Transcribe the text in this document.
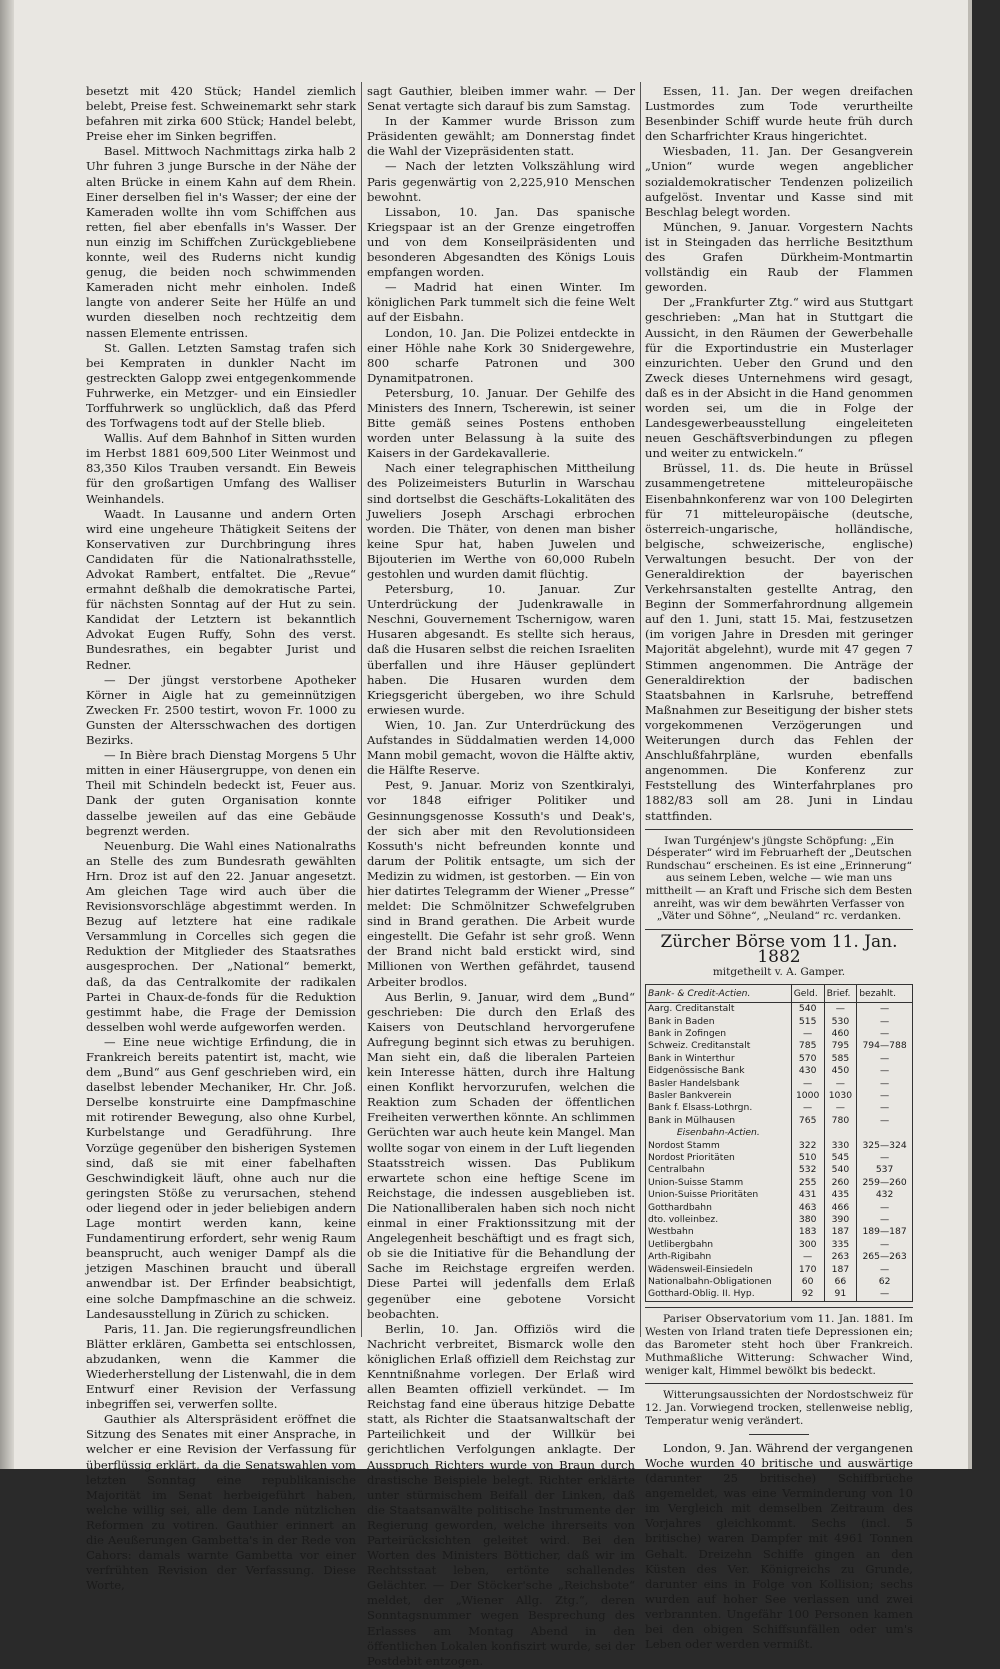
besetzt mit 420 Stück; Handel ziemlich belebt, Preise fest. Schweinemarkt sehr stark befahren mit zirka 600 Stück; Handel belebt, Preise eher im Sinken begriffen.

Basel. Mittwoch Nachmittags zirka halb 2 Uhr fuhren 3 junge Bursche in der Nähe der alten Brücke in einem Kahn auf dem Rhein. Einer derselben fiel in's Wasser; der eine der Kameraden wollte ihn vom Schiffchen aus retten, fiel aber ebenfalls in's Wasser. Der nun einzig im Schiffchen Zurückgebliebene konnte, weil des Ruderns nicht kundig genug, die beiden noch schwimmenden Kameraden nicht mehr einholen. Indeß langte von anderer Seite her Hülfe an und wurden dieselben noch rechtzeitig dem nassen Elemente entrissen.

St. Gallen. Letzten Samstag trafen sich bei Kempraten in dunkler Nacht im gestreckten Galopp zwei entgegenkommende Fuhrwerke, ein Metzger- und ein Einsiedler Torffuhrwerk so unglücklich, daß das Pferd des Torfwagens todt auf der Stelle blieb.

Wallis. Auf dem Bahnhof in Sitten wurden im Herbst 1881 609,500 Liter Weinmost und 83,350 Kilos Trauben versandt. Ein Beweis für den großartigen Umfang des Walliser Weinhandels.

Waadt. In Lausanne und andern Orten wird eine ungeheure Thätigkeit Seitens der Konservativen zur Durchbringung ihres Candidaten für die Nationalrathsstelle, Advokat Rambert, entfaltet. Die „Revue“ ermahnt deßhalb die demokratische Partei, für nächsten Sonntag auf der Hut zu sein. Kandidat der Letztern ist bekanntlich Advokat Eugen Ruffy, Sohn des verst. Bundesrathes, ein begabter Jurist und Redner.

— Der jüngst verstorbene Apotheker Körner in Aigle hat zu gemeinnützigen Zwecken Fr. 2500 testirt, wovon Fr. 1000 zu Gunsten der Altersschwachen des dortigen Bezirks.

— In Bière brach Dienstag Morgens 5 Uhr mitten in einer Häusergruppe, von denen ein Theil mit Schindeln bedeckt ist, Feuer aus. Dank der guten Organisation konnte dasselbe jeweilen auf das eine Gebäude begrenzt werden.

Neuenburg. Die Wahl eines Nationalraths an Stelle des zum Bundesrath gewählten Hrn. Droz ist auf den 22. Januar angesetzt. Am gleichen Tage wird auch über die Revisionsvorschläge abgestimmt werden. In Bezug auf letztere hat eine radikale Versammlung in Corcelles sich gegen die Reduktion der Mitglieder des Staatsrathes ausgesprochen. Der „National“ bemerkt, daß, da das Centralkomite der radikalen Partei in Chaux-de-fonds für die Reduktion gestimmt habe, die Frage der Demission desselben wohl werde aufgeworfen werden.

— Eine neue wichtige Erfindung, die in Frankreich bereits patentirt ist, macht, wie dem „Bund“ aus Genf geschrieben wird, ein daselbst lebender Mechaniker, Hr. Chr. Joß. Derselbe konstruirte eine Dampfmaschine mit rotirender Bewegung, also ohne Kurbel, Kurbelstange und Geradführung. Ihre Vorzüge gegenüber den bisherigen Systemen sind, daß sie mit einer fabelhaften Geschwindigkeit läuft, ohne auch nur die geringsten Stöße zu verursachen, stehend oder liegend oder in jeder beliebigen andern Lage montirt werden kann, keine Fundamentirung erfordert, sehr wenig Raum beansprucht, auch weniger Dampf als die jetzigen Maschinen braucht und überall anwendbar ist. Der Erfinder beabsichtigt, eine solche Dampfmaschine an die schweiz. Landesausstellung in Zürich zu schicken.

Paris, 11. Jan. Die regierungsfreundlichen Blätter erklären, Gambetta sei entschlossen, abzudanken, wenn die Kammer die Wiederherstellung der Listenwahl, die in dem Entwurf einer Revision der Verfassung inbegriffen sei, verwerfen sollte.

Gauthier als Alterspräsident eröffnet die Sitzung des Senates mit einer Ansprache, in welcher er eine Revision der Verfassung für überflüssig erklärt, da die Senatswahlen vom letzten Sonntag eine republikanische Majorität im Senat herbeigeführt haben, welche willig sei, alle dem Lande nützlichen Reformen zu votiren. Gauthier erinnert an die Aeußerungen Gambetta's in der Rede von Cahors: damals warnte Gambetta vor einer verfrühten Revision der Verfassung. Diese Worte,

sagt Gauthier, bleiben immer wahr. — Der Senat vertagte sich darauf bis zum Samstag.

In der Kammer wurde Brisson zum Präsidenten gewählt; am Donnerstag findet die Wahl der Vizepräsidenten statt.

— Nach der letzten Volkszählung wird Paris gegenwärtig von 2,225,910 Menschen bewohnt.

Lissabon, 10. Jan. Das spanische Kriegspaar ist an der Grenze eingetroffen und von dem Konseilpräsidenten und besonderen Abgesandten des Königs Louis empfangen worden.

— Madrid hat einen Winter. Im königlichen Park tummelt sich die feine Welt auf der Eisbahn.

London, 10. Jan. Die Polizei entdeckte in einer Höhle nahe Kork 30 Snidergewehre, 800 scharfe Patronen und 300 Dynamitpatronen.

Petersburg, 10. Januar. Der Gehilfe des Ministers des Innern, Tscherewin, ist seiner Bitte gemäß seines Postens enthoben worden unter Belassung à la suite des Kaisers in der Gardekavallerie.

Nach einer telegraphischen Mittheilung des Polizeimeisters Buturlin in Warschau sind dortselbst die Geschäfts-Lokalitäten des Juweliers Joseph Arschagi erbrochen worden. Die Thäter, von denen man bisher keine Spur hat, haben Juwelen und Bijouterien im Werthe von 60,000 Rubeln gestohlen und wurden damit flüchtig.

Petersburg, 10. Januar. Zur Unterdrückung der Judenkrawalle in Neschni, Gouvernement Tschernigow, waren Husaren abgesandt. Es stellte sich heraus, daß die Husaren selbst die reichen Israeliten überfallen und ihre Häuser geplündert haben. Die Husaren wurden dem Kriegsgericht übergeben, wo ihre Schuld erwiesen wurde.

Wien, 10. Jan. Zur Unterdrückung des Aufstandes in Süddalmatien werden 14,000 Mann mobil gemacht, wovon die Hälfte aktiv, die Hälfte Reserve.

Pest, 9. Januar. Moriz von Szentkiralyi, vor 1848 eifriger Politiker und Gesinnungsgenosse Kossuth's und Deak's, der sich aber mit den Revolutionsideen Kossuth's nicht befreunden konnte und darum der Politik entsagte, um sich der Medizin zu widmen, ist gestorben. — Ein von hier datirtes Telegramm der Wiener „Presse“ meldet: Die Schmölnitzer Schwefelgruben sind in Brand gerathen. Die Arbeit wurde eingestellt. Die Gefahr ist sehr groß. Wenn der Brand nicht bald erstickt wird, sind Millionen von Werthen gefährdet, tausend Arbeiter brodlos.

Aus Berlin, 9. Januar, wird dem „Bund“ geschrieben: Die durch den Erlaß des Kaisers von Deutschland hervorgerufene Aufregung beginnt sich etwas zu beruhigen. Man sieht ein, daß die liberalen Parteien kein Interesse hätten, durch ihre Haltung einen Konflikt hervorzurufen, welchen die Reaktion zum Schaden der öffentlichen Freiheiten verwerthen könnte. An schlimmen Gerüchten war auch heute kein Mangel. Man wollte sogar von einem in der Luft liegenden Staatsstreich wissen. Das Publikum erwartete schon eine heftige Scene im Reichstage, die indessen ausgeblieben ist. Die Nationalliberalen haben sich noch nicht einmal in einer Fraktionssitzung mit der Angelegenheit beschäftigt und es fragt sich, ob sie die Initiative für die Behandlung der Sache im Reichstage ergreifen werden. Diese Partei will jedenfalls dem Erlaß gegenüber eine gebotene Vorsicht beobachten.

Berlin, 10. Jan. Offiziös wird die Nachricht verbreitet, Bismarck wolle den königlichen Erlaß offiziell dem Reichstag zur Kenntnißnahme vorlegen. Der Erlaß wird allen Beamten offiziell verkündet. — Im Reichstag fand eine überaus hitzige Debatte statt, als Richter die Staatsanwaltschaft der Parteilichkeit und der Willkür bei gerichtlichen Verfolgungen anklagte. Der Ausspruch Richters wurde von Braun durch drastische Beispiele belegt. Richter erklärte unter stürmischem Beifall der Linken, daß die Staatsanwälte politische Instrumente der Regierung geworden, welche ihrerseits von Parteirücksichten geleitet wird. Bei den Worten des Ministers Bötticher, daß wir im Rechtsstaat leben, ertönte schallendes Gelächter. — Der Stöcker'sche „Reichsbote“ meldet, der „Wiener Allg. Ztg.“, deren Sonntagsnummer wegen Besprechung des Erlasses am Montag Abend in den öffentlichen Lokalen konfiszirt wurde, sei der Postdebit entzogen.

Essen, 11. Jan. Der wegen dreifachen Lustmordes zum Tode verurtheilte Besenbinder Schiff wurde heute früh durch den Scharfrichter Kraus hingerichtet.

Wiesbaden, 11. Jan. Der Gesangverein „Union“ wurde wegen angeblicher sozialdemokratischer Tendenzen polizeilich aufgelöst. Inventar und Kasse sind mit Beschlag belegt worden.

München, 9. Januar. Vorgestern Nachts ist in Steingaden das herrliche Besitzthum des Grafen Dürkheim-Montmartin vollständig ein Raub der Flammen geworden.

Der „Frankfurter Ztg.“ wird aus Stuttgart geschrieben: „Man hat in Stuttgart die Aussicht, in den Räumen der Gewerbehalle für die Exportindustrie ein Musterlager einzurichten. Ueber den Grund und den Zweck dieses Unternehmens wird gesagt, daß es in der Absicht in die Hand genommen worden sei, um die in Folge der Landesgewerbeausstellung eingeleiteten neuen Geschäftsverbindungen zu pflegen und weiter zu entwickeln.“

Brüssel, 11. ds. Die heute in Brüssel zusammengetretene mitteleuropäische Eisenbahnkonferenz war von 100 Delegirten für 71 mitteleuropäische (deutsche, österreich-ungarische, holländische, belgische, schweizerische, englische) Verwaltungen besucht. Der von der Generaldirektion der bayerischen Verkehrsanstalten gestellte Antrag, den Beginn der Sommerfahrordnung allgemein auf den 1. Juni, statt 15. Mai, festzusetzen (im vorigen Jahre in Dresden mit geringer Majorität abgelehnt), wurde mit 47 gegen 7 Stimmen angenommen. Die Anträge der Generaldirektion der badischen Staatsbahnen in Karlsruhe, betreffend Maßnahmen zur Beseitigung der bisher stets vorgekommenen Verzögerungen und Weiterungen durch das Fehlen der Anschlußfahrpläne, wurden ebenfalls angenommen. Die Konferenz zur Feststellung des Winterfahrplanes pro 1882/83 soll am 28. Juni in Lindau stattfinden.

Iwan Turgénjew's jüngste Schöpfung: „Ein Désperater“ wird im Februarheft der „Deutschen Rundschau“ erscheinen. Es ist eine „Erinnerung“ aus seinem Leben, welche — wie man uns mittheilt — an Kraft und Frische sich dem Besten anreiht, was wir dem bewährten Verfasser von „Väter und Söhne“, „Neuland“ rc. verdanken.
Zürcher Börse vom 11. Jan. 1882
mitgetheilt v. A. Gamper.
Bank- & Credit-Actien.	Geld.	Brief.	bezahlt.
Aarg. Creditanstalt	540	—	—
Bank in Baden	515	530	—
Bank in Zofingen	—	460	—
Schweiz. Creditanstalt	785	795	794—788
Bank in Winterthur	570	585	—
Eidgenössische Bank	430	450	—
Basler Handelsbank	—	—	—
Basler Bankverein	1000	1030	—
Bank f. Elsass-Lothrgn.	—	—	—
Bank in Mülhausen	765	780	—
Eisenbahn-Actien.			
Nordost Stamm	322	330	325—324
Nordost Prioritäten	510	545	—
Centralbahn	532	540	537
Union-Suisse Stamm	255	260	259—260
Union-Suisse Prioritäten	431	435	432
Gotthardbahn	463	466	—
dto. volleinbez.	380	390	—
Westbahn	183	187	189—187
Uetlibergbahn	300	335	—
Arth-Rigibahn	—	263	265—263
Wädensweil-Einsiedeln	170	187	—
Nationalbahn-Obligationen	60	66	62
Gotthard-Oblig. II. Hyp.	92	91	—

Pariser Observatorium vom 11. Jan. 1881. Im Westen von Irland traten tiefe Depressionen ein; das Barometer steht hoch über Frankreich. Muthmaßliche Witterung: Schwacher Wind, weniger kalt, Himmel bewölkt bis bedeckt.

Witterungsaussichten der Nordostschweiz für 12. Jan. Vorwiegend trocken, stellenweise neblig, Temperatur wenig verändert.

London, 9. Jan. Während der vergangenen Woche wurden 40 britische und auswärtige (darunter 25 britische) Schiffbrüche angemeldet, was eine Verminderung von 10 im Vergleich mit demselben Zeitraum des Vorjahres gleichkommt. Sechs (incl. 5 britische) waren Dampfer mit 4961 Tonnen Gehalt. Dreizehn Schiffe gingen an den Küsten des Ver. Königreichs zu Grunde, darunter eins in Folge von Kollision; sechs wurden auf hoher See verlassen und zwei verbrannten. Ungefähr 100 Personen kamen bei den obigen Schiffsunfällen oder um's Leben oder werden vermißt.
